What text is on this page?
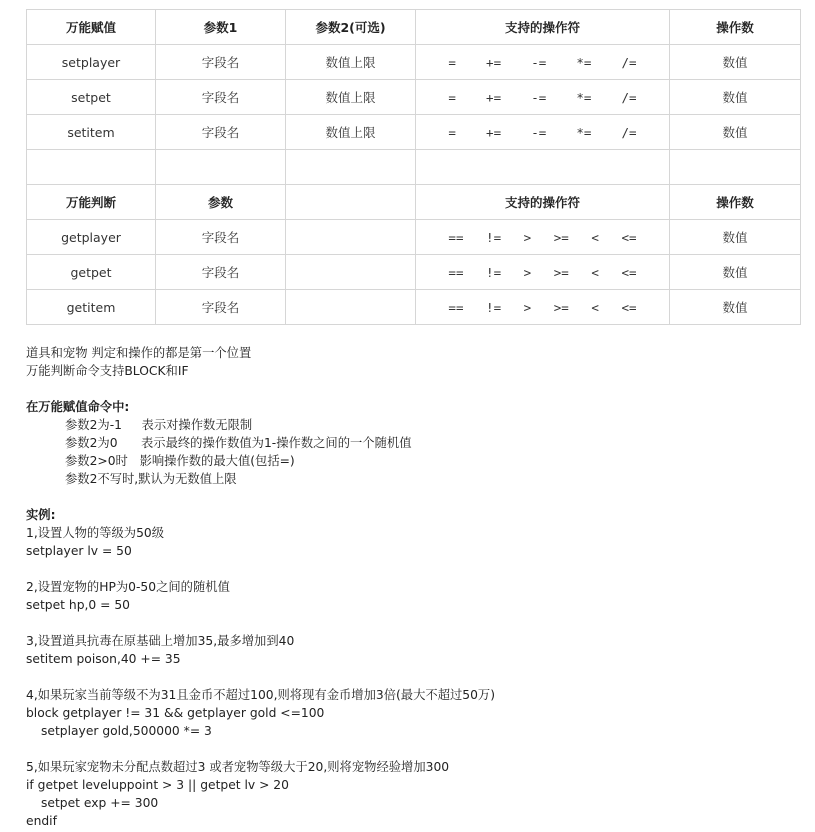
万能赋值	参数1	参数2(可选)	支持的操作符	操作数
setplayer	字段名	数值上限	=    +=    -=    *=    /=	数值
setpet	字段名	数值上限	=    +=    -=    *=    /=	数值
setitem	字段名	数值上限	=    +=    -=    *=    /=	数值

万能判断	参数		支持的操作符	操作数
getplayer	字段名		==   !=   >   >=   <   <=	数值
getpet	字段名		==   !=   >   >=   <   <=	数值
getitem	字段名		==   !=   >   >=   <   <=	数值
道具和宠物 判定和操作的都是第一个位置
万能判断命令支持BLOCK和IF
在万能赋值命令中:
参数2为-1     表示对操作数无限制
参数2为0      表示最终的操作数值为1-操作数之间的一个随机值
参数2>0时   影响操作数的最大值(包括=)
参数2不写时,默认为无数值上限
实例:
1,设置人物的等级为50级
setplayer lv = 50
2,设置宠物的HP为0-50之间的随机值
setpet hp,0 = 50
3,设置道具抗毒在原基础上增加35,最多增加到40
setitem poison,40 += 35
4,如果玩家当前等级不为31且金币不超过100,则将现有金币增加3倍(最大不超过50万)
block getplayer != 31 && getplayer gold <=100
setplayer gold,500000 *= 3
5,如果玩家宠物未分配点数超过3 或者宠物等级大于20,则将宠物经验增加300
if getpet leveluppoint > 3 || getpet lv > 20
setpet exp += 300
endif
